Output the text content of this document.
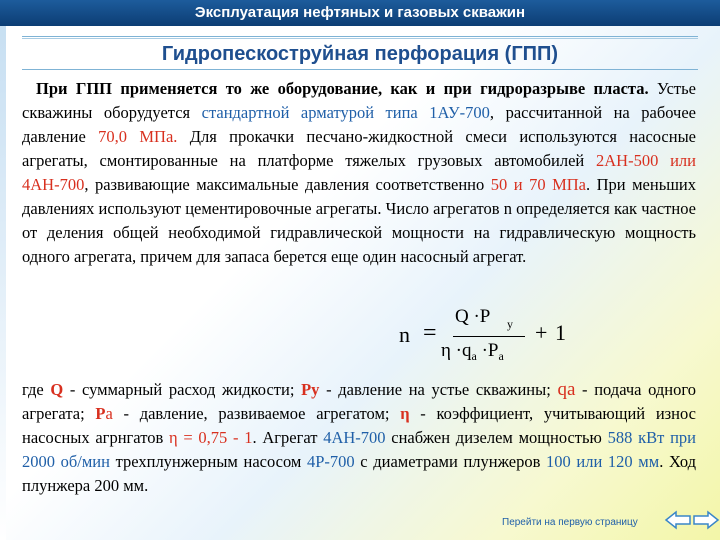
Эксплуатация нефтяных и газовых скважин
Гидропескоструйная перфорация (ГПП)

При ГПП применяется то же оборудование, как и при гидроразрыве пласта. Устье скважины оборудуется стандартной арматурой типа 1АУ-700, рассчитанной на рабочее давление 70,0 МПа. Для прокачки песчано-жидкостной смеси используются насосные агрегаты, смонтированные на платформе тяжелых грузовых автомобилей 2АН-500 или 4АН-700, развивающие максимальные давления соответственно 50 и 70 МПа. При меньших давлениях используют цементировочные агрегаты. Число агрегатов n определяется как частное от деления общей необходимой гидравлической мощности на гидравлическую мощность одного агрегата, причем для запаса берется еще один насосный агрегат.

n =
Q ·P у
$\eta \cdot q_а \cdot P_а$
+ 1

где Q - суммарный расход жидкости; Ру - давление на устье скважины; qа - подача одного агрегата; Ра - давление, развиваемое агрегатом; η - коэффициент, учитывающий износ насосных агрнгатов η = 0,75 - 1. Агрегат 4АН-700 снабжен дизелем мощностью 588 кВт при 2000 об/мин трехплунжерным насосом 4Р-700 с диаметрами плунжеров 100 или 120 мм. Ход плунжера 200 мм.

Перейти на первую страницу
